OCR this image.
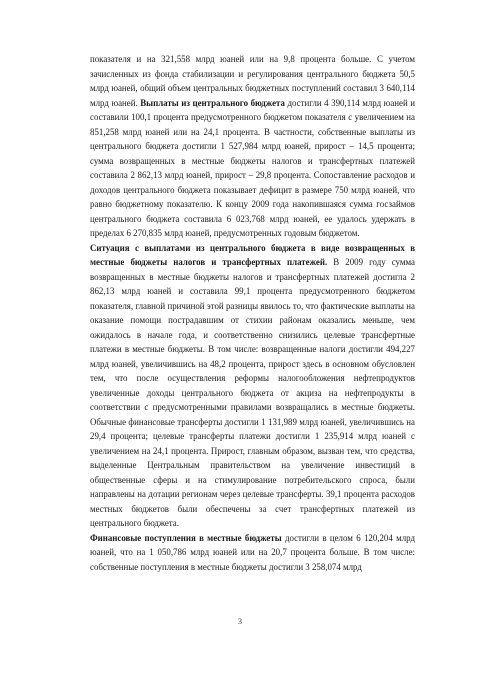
показателя и на 321,558 млрд юаней или на 9,8 процента больше. С учетом зачисленных из фонда стабилизации и регулирования центрального бюджета 50,5 млрд юаней, общий объем центральных бюджетных поступлений составил 3 640,114 млрд юаней. Выплаты из центрального бюджета достигли 4 390,114 млрд юаней и составили 100,1 процента предусмотренного бюджетом показателя с увеличением на 851,258 млрд юаней или на 24,1 процента. В частности, собственные выплаты из центрального бюджета достигли 1 527,984 млрд юаней, прирост – 14,5 процента; сумма возвращенных в местные бюджеты налогов и трансфертных платежей составила 2 862,13 млрд юаней, прирост – 29,8 процента. Сопоставление расходов и доходов центрального бюджета показывает дефицит в размере 750 млрд юаней, что равно бюджетному показателю. К концу 2009 года накопившаяся сумма госзаймов центрального бюджета составила 6 023,768 млрд юаней, ее удалось удержать в пределах 6 270,835 млрд юаней, предусмотренных годовым бюджетом.

Ситуация с выплатами из центрального бюджета в виде возвращенных в местные бюджеты налогов и трансфертных платежей. В 2009 году сумма возвращенных в местные бюджеты налогов и трансфертных платежей достигла 2 862,13 млрд юаней и составила 99,1 процента предусмотренного бюджетом показателя, главной причиной этой разницы явилось то, что фактические выплаты на оказание помощи пострадавшим от стихии районам оказались меньше, чем ожидалось в начале года, и соответственно снизились целевые трансфертные платежи в местные бюджеты. В том числе: возвращенные налоги достигли 494,227 млрд юаней, увеличившись на 48,2 процента, прирост здесь в основном обусловлен тем, что после осуществления реформы налогообложения нефтепродуктов увеличенные доходы центрального бюджета от акциза на нефтепродукты в соответствии с предусмотренными правилами возвращались в местные бюджеты. Обычные финансовые трансферты достигли 1 131,989 млрд юаней, увеличившись на 29,4 процента; целевые трансферты платежи достигли 1 235,914 млрд юаней с увеличением на 24,1 процента. Прирост, главным образом, вызван тем, что средства, выделенные Центральным правительством на увеличение инвестиций в общественные сферы и на стимулирование потребительского спроса, были направлены на дотации регионам через целевые трансферты. 39,1 процента расходов местных бюджетов были обеспечены за счет трансфертных платежей из центрального бюджета.

Финансовые поступления в местные бюджеты достигли в целом 6 120,204 млрд юаней, что на 1 050,786 млрд юаней или на 20,7 процента больше. В том числе: собственные поступления в местные бюджеты достигли 3 258,074 млрд

3
